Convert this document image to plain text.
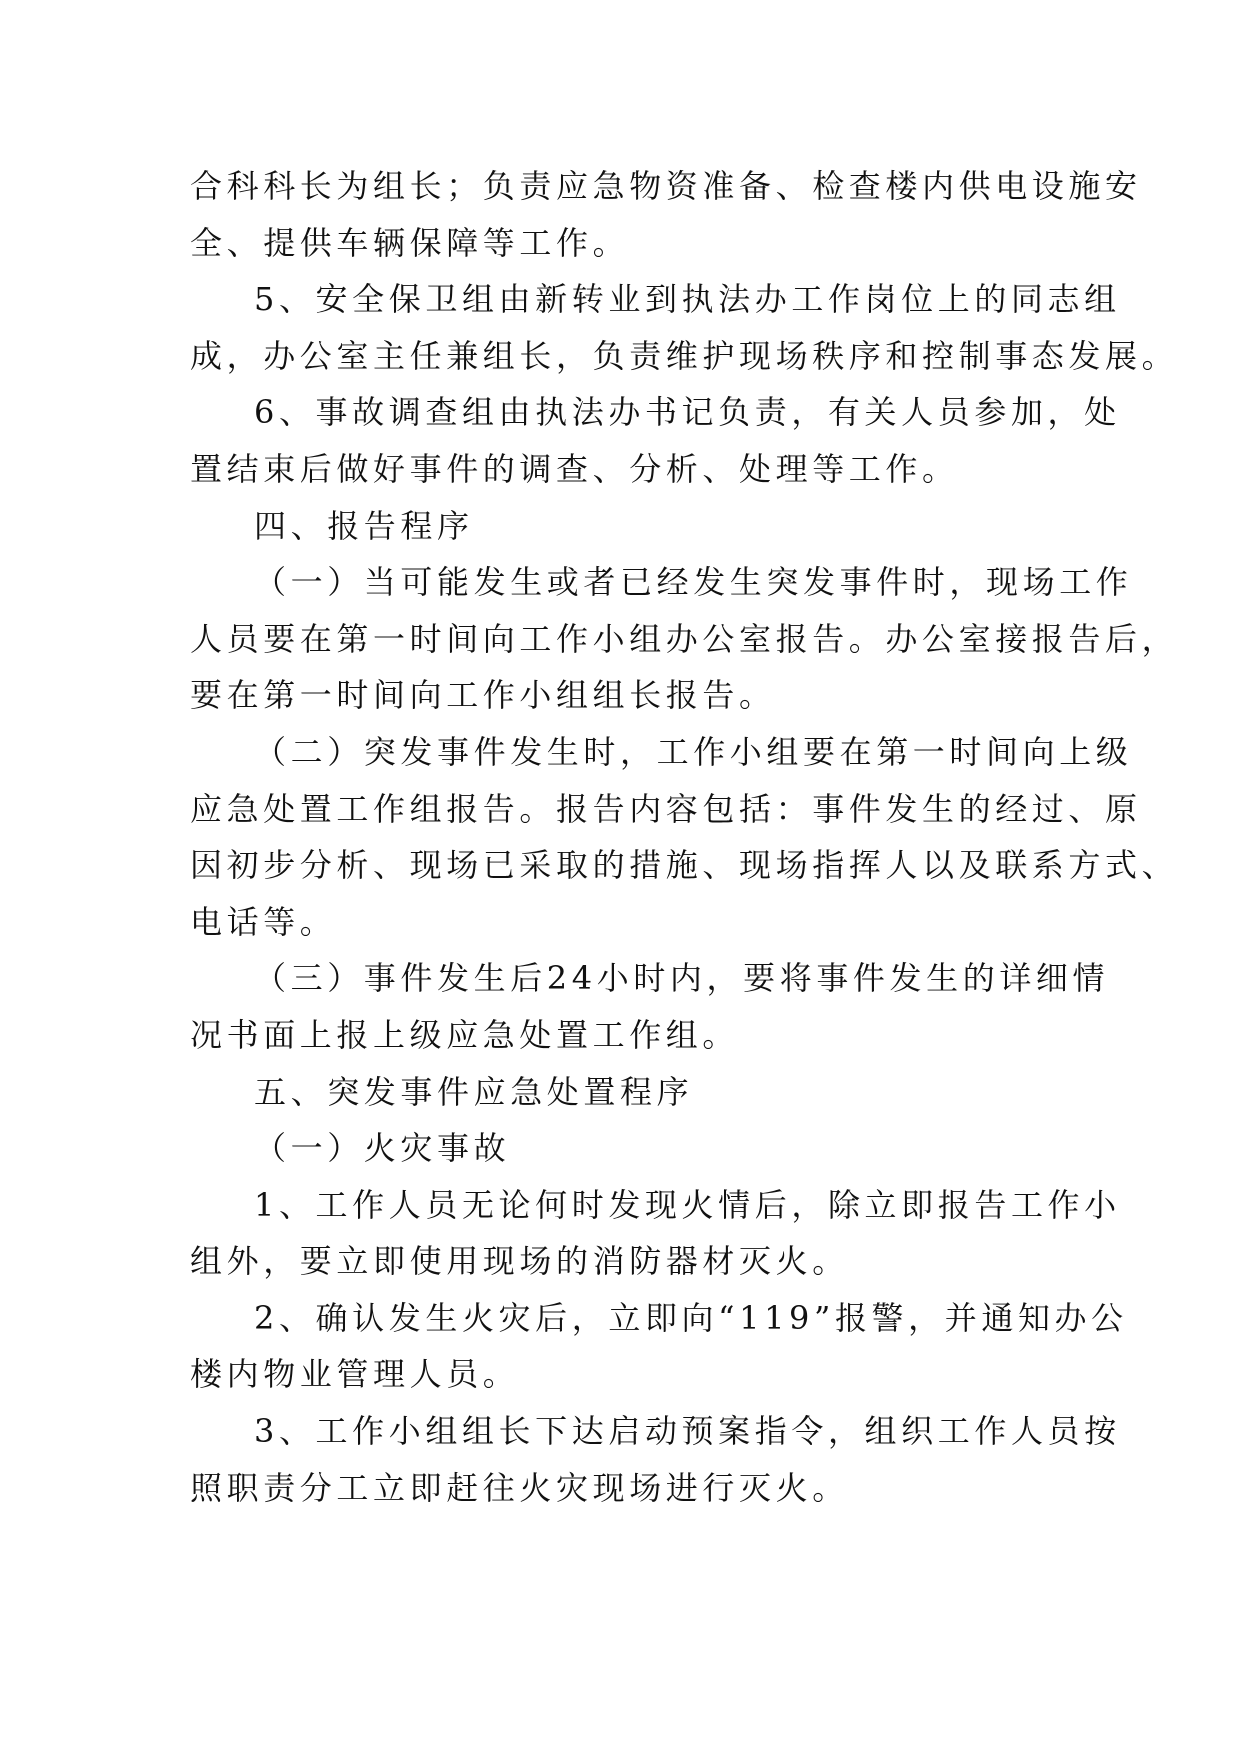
合科科长为组长；负责应急物资准备、检查楼内供电设施安

全、提供车辆保障等工作。

5、安全保卫组由新转业到执法办工作岗位上的同志组

成，办公室主任兼组长，负责维护现场秩序和控制事态发展。

6、事故调查组由执法办书记负责，有关人员参加，处

置结束后做好事件的调查、分析、处理等工作。

四、报告程序

（一）当可能发生或者已经发生突发事件时，现场工作

人员要在第一时间向工作小组办公室报告。办公室接报告后，

要在第一时间向工作小组组长报告。

（二）突发事件发生时，工作小组要在第一时间向上级

应急处置工作组报告。报告内容包括：事件发生的经过、原

因初步分析、现场已采取的措施、现场指挥人以及联系方式、

电话等。

（三）事件发生后24小时内，要将事件发生的详细情

况书面上报上级应急处置工作组。

五、突发事件应急处置程序

（一）火灾事故

1、工作人员无论何时发现火情后，除立即报告工作小

组外，要立即使用现场的消防器材灭火。

2、确认发生火灾后，立即向“119”报警，并通知办公

楼内物业管理人员。

3、工作小组组长下达启动预案指令，组织工作人员按

照职责分工立即赶往火灾现场进行灭火。
